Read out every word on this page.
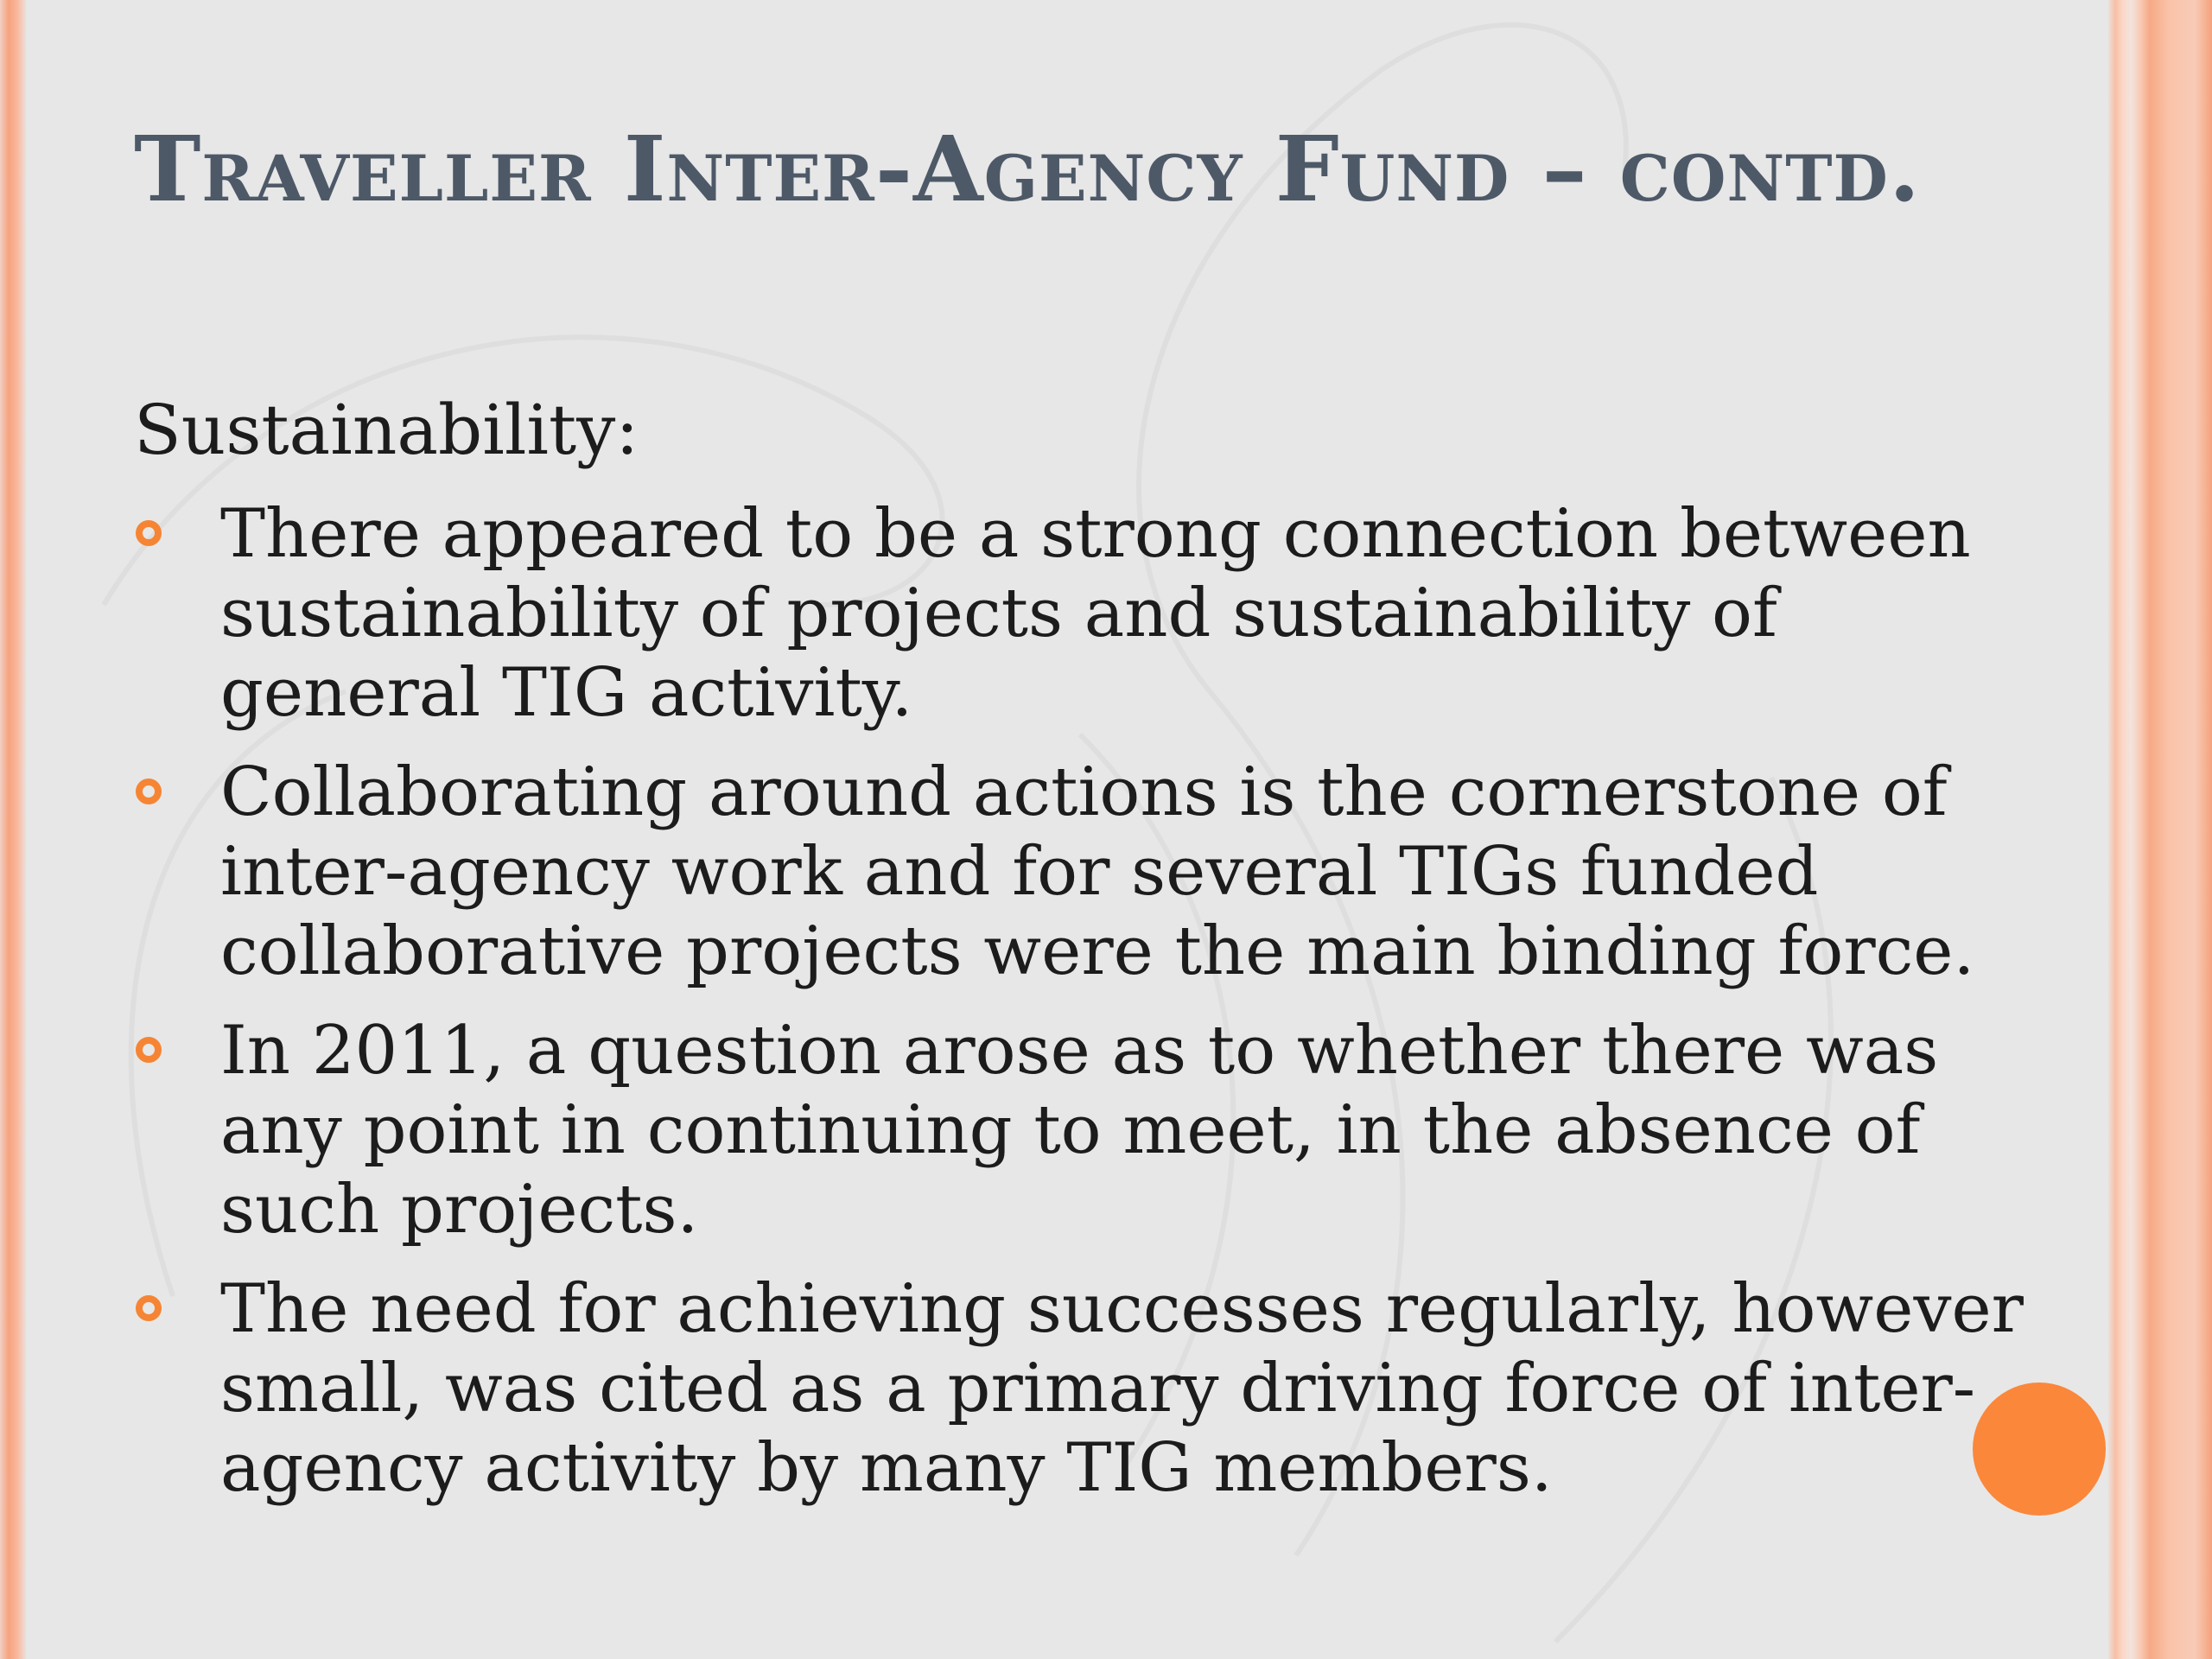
Traveller Inter-Agency Fund – contd.

Sustainability:

There appeared to be a strong connection between sustainability of projects and sustainability of general TIG activity.
Collaborating around actions is the cornerstone of inter-agency work and for several TIGs funded collaborative projects were the main binding force.
In 2011, a question arose as to whether there was any point in continuing to meet, in the absence of such projects.
The need for achieving successes regularly, however small, was cited as a primary driving force of inter-agency activity by many TIG members.
